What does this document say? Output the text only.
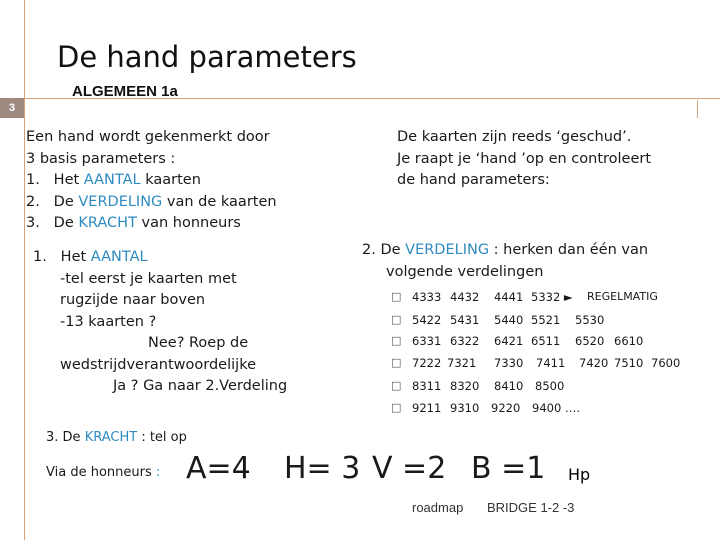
3
De hand parameters
ALGEMEEN 1a
Een hand wordt gekenmerkt door
3 basis parameters :
1. Het AANTAL kaarten
2. De VERDELING van de kaarten
3. De KRACHT van honneurs
De kaarten zijn reeds ‘geschud’.
Je raapt je ‘hand ’op en controleert
de hand parameters:
1. Het AANTAL
-tel eerst je kaarten met
rugzijde naar boven
-13 kaarten ?
Nee? Roep de
wedstrijdverantwoordelijke
Ja ? Ga naar 2.Verdeling
2. De VERDELING : herken dan één van
volgende verdelingen
□ 4333 4432 4441 5332 ► REGELMATIG
□ 5422 5431 5440 5521 5530
□ 6331 6322 6421 6511 6520 6610
□ 7222 7321 7330 7411 7420 7510 7600
□ 8311 8320 8410 8500
□ 9211 9310 9220 9400 ….
3. De KRACHT : tel op
Via de honneurs : A=4 H= 3 V =2 B =1 Hp
roadmap BRIDGE 1-2 -3
